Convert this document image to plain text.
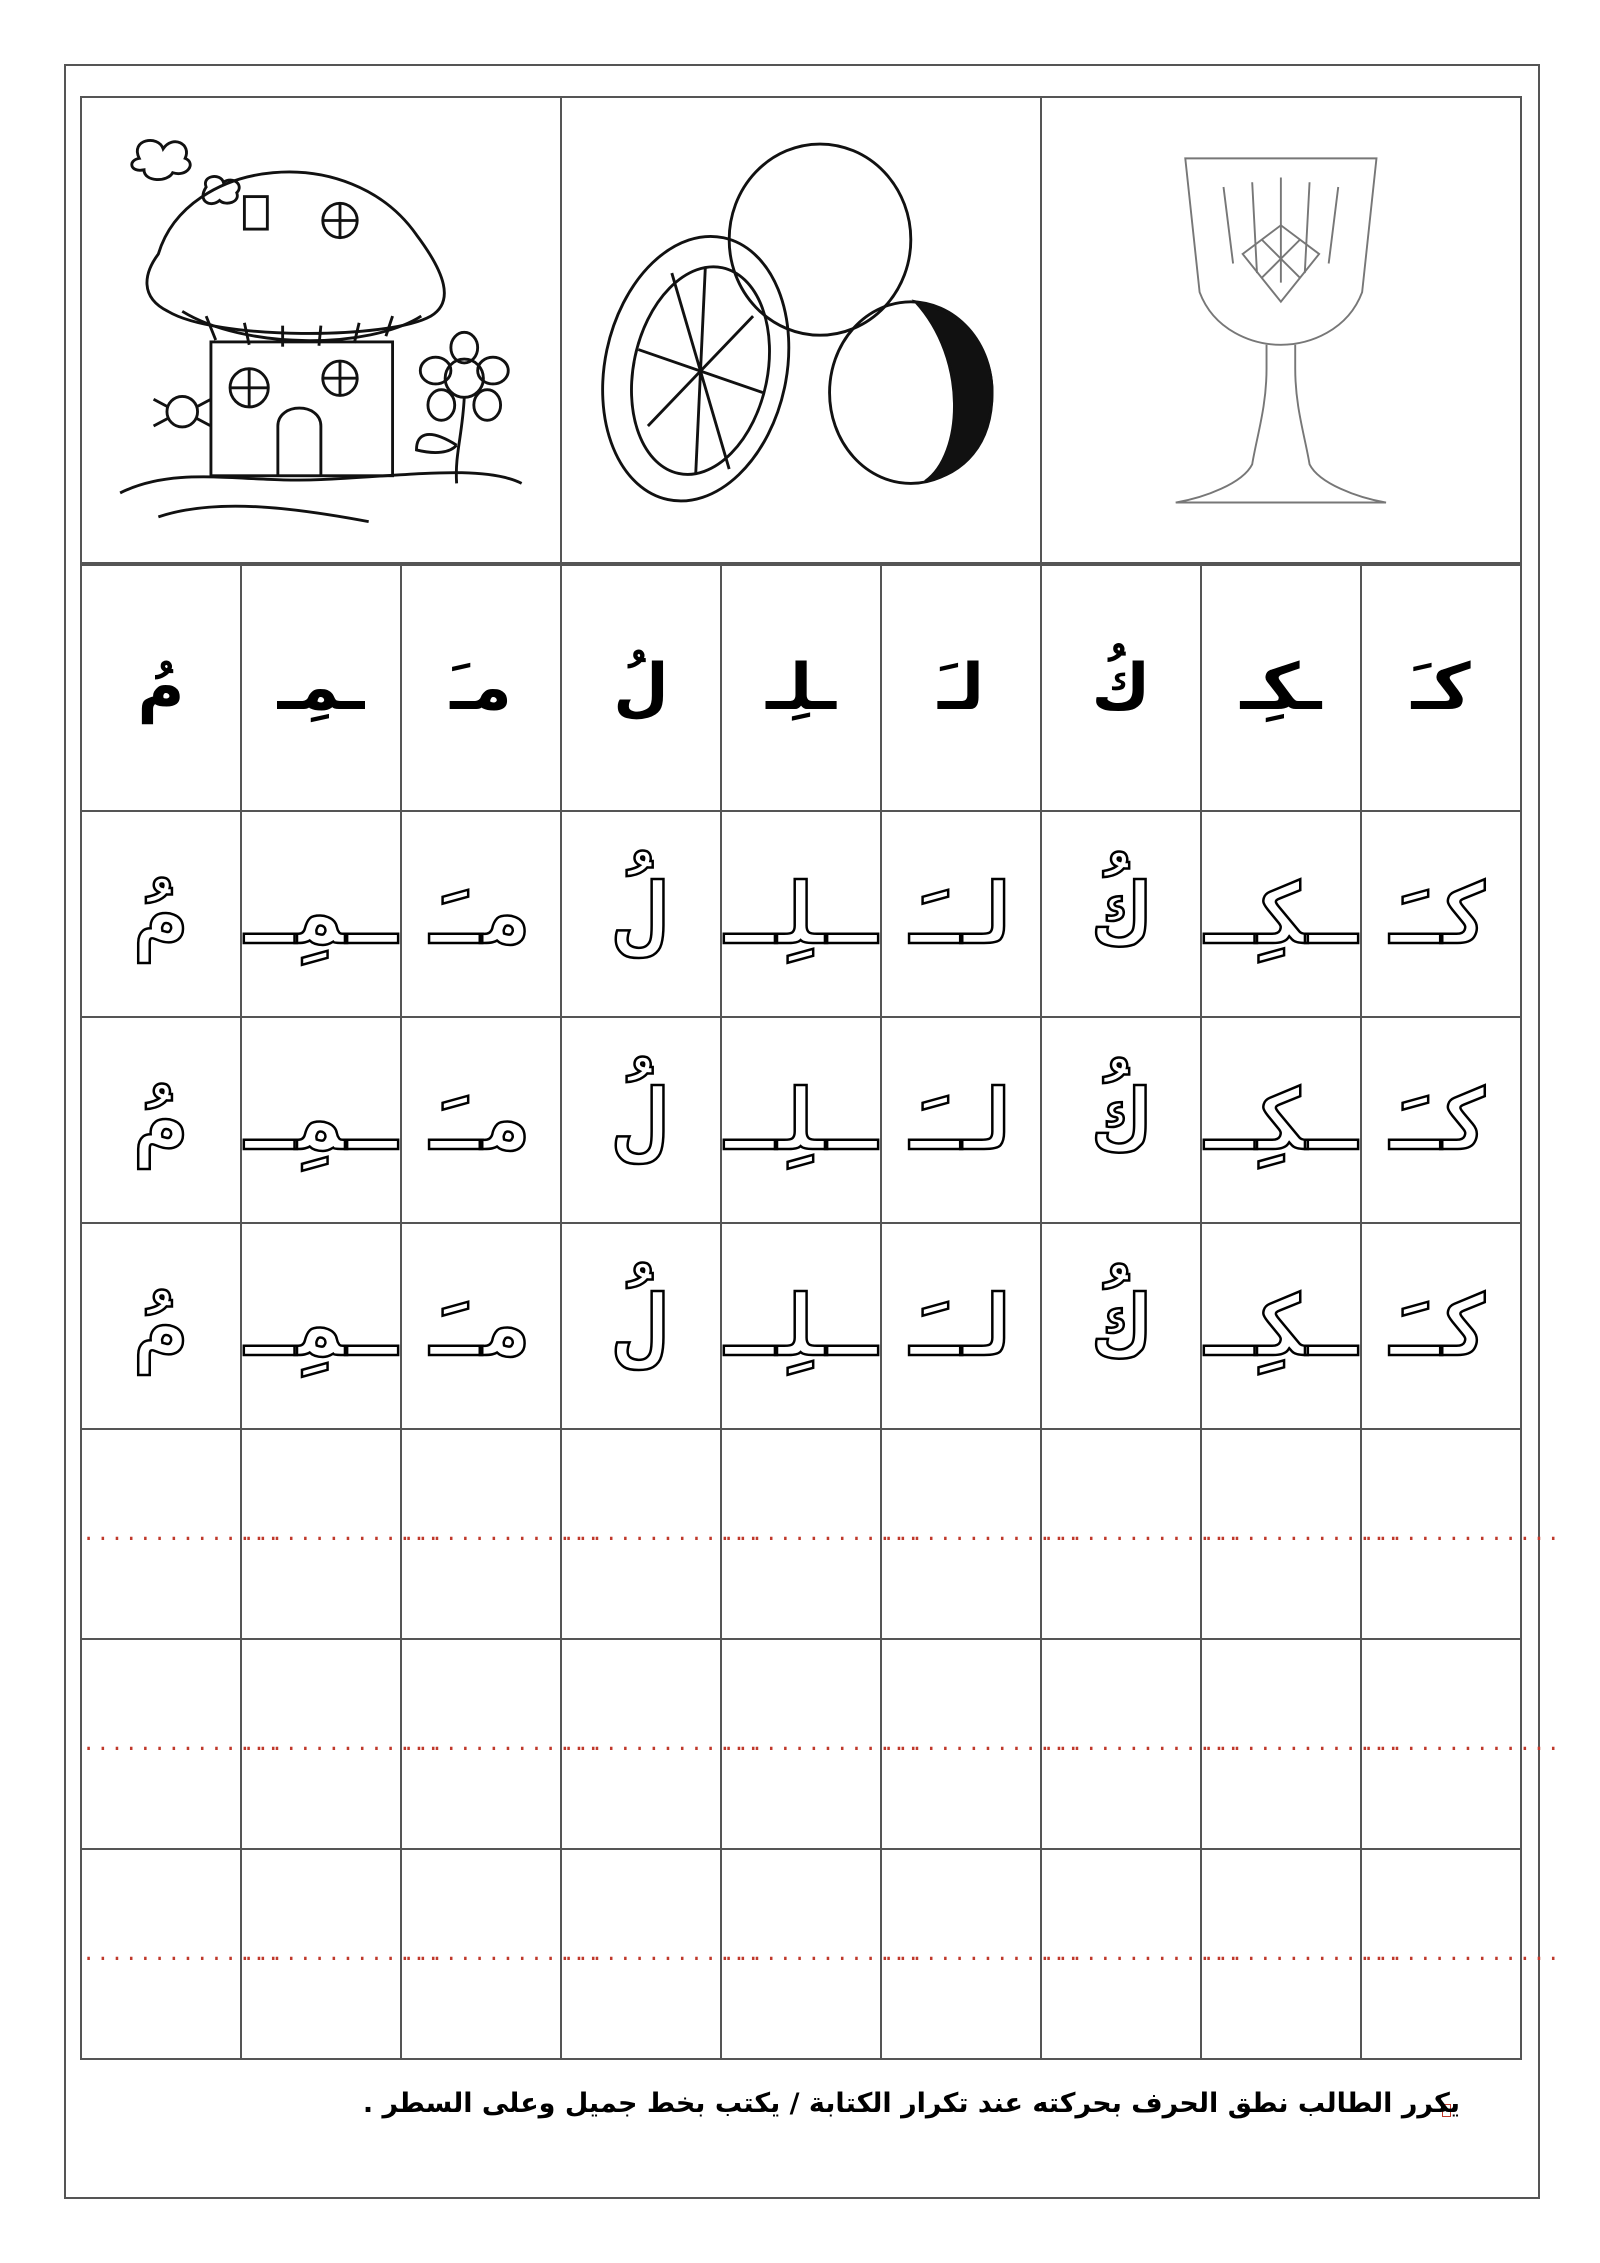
مُ	ـمِـ	مـَ	لُ	ـلِـ	لـَ	كُ	ـكِـ	كـَ
مُ	ـمِـ	مـَ	لُ	ـلِـ	لـَ	كُ	ـكِـ	كـَ
مُ	ـمِـ	مـَ	لُ	ـلِـ	لـَ	كُ	ـكِـ	كـَ
مُ	ـمِـ	مـَ	لُ	ـلِـ	لـَ	كُ	ـكِـ	كـَ
..............	..............	..............	..............	..............	..............	..............	..............	..............
..............	..............	..............	..............	..............	..............	..............	..............	..............
..............	..............	..............	..............	..............	..............	..............	..............	..............
يكرر الطالب نطق الحرف بحركته عند تكرار الكتابة / يكتب بخط جميل وعلى السطر .
